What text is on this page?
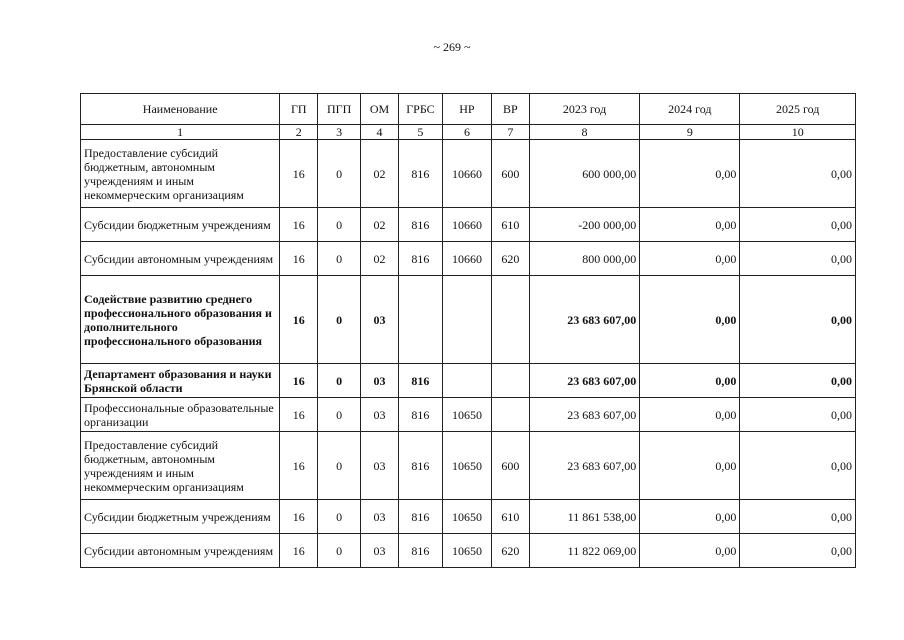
~ 269 ~
Наименование	ГП	ПГП	ОМ	ГРБС	НР	ВР	2023 год	2024 год	2025 год
1	2	3	4	5	6	7	8	9	10
Предоставление субсидий бюджетным, автономным учреждениям и иным некоммерческим организациям	16	0	02	816	10660	600	600 000,00	0,00	0,00
Субсидии бюджетным учреждениям	16	0	02	816	10660	610	-200 000,00	0,00	0,00
Субсидии автономным учреждениям	16	0	02	816	10660	620	800 000,00	0,00	0,00
Содействие развитию среднего профессионального образования и дополнительного профессионального образования	16	0	03				23 683 607,00	0,00	0,00
Департамент образования и науки Брянской области	16	0	03	816			23 683 607,00	0,00	0,00
Профессиональные образовательные организации	16	0	03	816	10650		23 683 607,00	0,00	0,00
Предоставление субсидий бюджетным, автономным учреждениям и иным некоммерческим организациям	16	0	03	816	10650	600	23 683 607,00	0,00	0,00
Субсидии бюджетным учреждениям	16	0	03	816	10650	610	11 861 538,00	0,00	0,00
Субсидии автономным учреждениям	16	0	03	816	10650	620	11 822 069,00	0,00	0,00
